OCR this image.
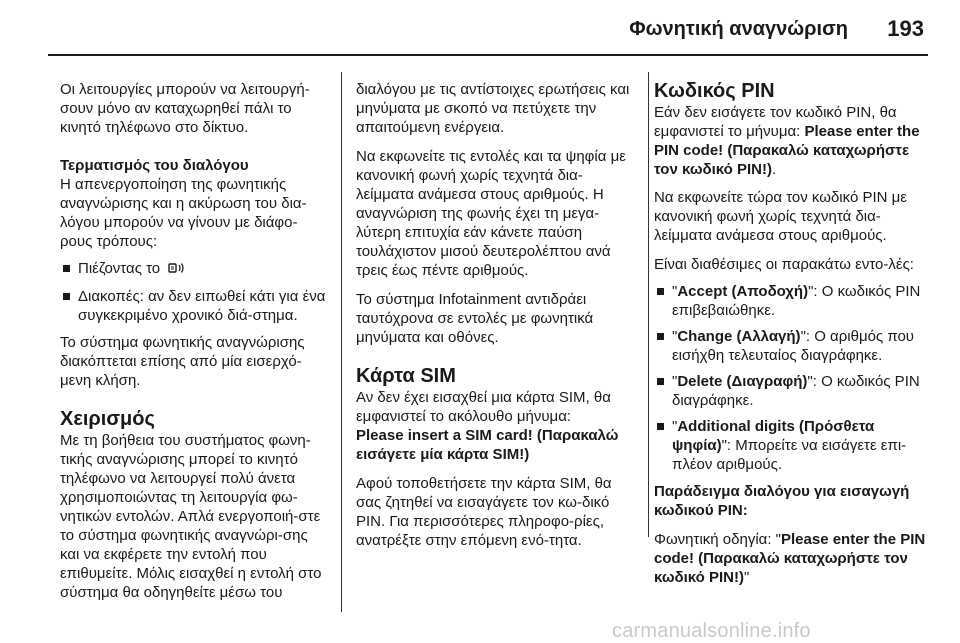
Φωνητική αναγνώριση 193

Οι λειτουργίες μπορούν να λειτουργή-σουν μόνο αν καταχωρηθεί πάλι το κινητό τηλέφωνο στο δίκτυο.

Τερματισμός του διαλόγου

Η απενεργοποίηση της φωνητικής αναγνώρισης και η ακύρωση του δια-λόγου μπορούν να γίνουν με διάφο-ρους τρόπους:

Πιέζοντας το
Διακοπές: αν δεν ειπωθεί κάτι για ένα συγκεκριμένο χρονικό διά-στημα.

Το σύστημα φωνητικής αναγνώρισης διακόπτεται επίσης από μία εισερχό-μενη κλήση.

Χειρισμός

Με τη βοήθεια του συστήματος φωνη-τικής αναγνώρισης μπορεί το κινητό τηλέφωνο να λειτουργεί πολύ άνετα χρησιμοποιώντας τη λειτουργία φω-νητικών εντολών. Απλά ενεργοποιή-στε το σύστημα φωνητικής αναγνώρι-σης και να εκφέρετε την εντολή που επιθυμείτε. Μόλις εισαχθεί η εντολή στο σύστημα θα οδηγηθείτε μέσω του

διαλόγου με τις αντίστοιχες ερωτήσεις και μηνύματα με σκοπό να πετύχετε την απαιτούμενη ενέργεια.

Να εκφωνείτε τις εντολές και τα ψηφία με κανονική φωνή χωρίς τεχνητά δια-λείμματα ανάμεσα στους αριθμούς. Η αναγνώριση της φωνής έχει τη μεγα-λύτερη επιτυχία εάν κάνετε παύση τουλάχιστον μισού δευτερολέπτου ανά τρεις έως πέντε αριθμούς.

Το σύστημα Infotainment αντιδράει ταυτόχρονα σε εντολές με φωνητικά μηνύματα και οθόνες.

Κάρτα SIM

Αν δεν έχει εισαχθεί μια κάρτα SIM, θα εμφανιστεί το ακόλουθο μήνυμα:

Please insert a SIM card! (Παρακαλώ εισάγετε μία κάρτα SIM!)

Αφού τοποθετήσετε την κάρτα SIM, θα σας ζητηθεί να εισαγάγετε τον κω-δικό PIN. Για περισσότερες πληροφο-ρίες, ανατρέξτε στην επόμενη ενό-τητα.

Κωδικός PIN

Εάν δεν εισάγετε τον κωδικό PIN, θα εμφανιστεί το μήνυμα: Please enter the PIN code! (Παρακαλώ καταχωρήστε τον κωδικό PIN!).

Να εκφωνείτε τώρα τον κωδικό PIN με κανονική φωνή χωρίς τεχνητά δια-λείμματα ανάμεσα στους αριθμούς.

Είναι διαθέσιμες οι παρακάτω εντο-λές:

"Accept (Αποδοχή)": Ο κωδικός PIN επιβεβαιώθηκε.
"Change (Αλλαγή)": Ο αριθμός που εισήχθη τελευταίος διαγράφηκε.
"Delete (Διαγραφή)": Ο κωδικός PIN διαγράφηκε.
"Additional digits (Πρόσθετα ψηφία)": Μπορείτε να εισάγετε επι-πλέον αριθμούς.

Παράδειγμα διαλόγου για εισαγωγή κωδικού PIN:

Φωνητική οδηγία: "Please enter the PIN code! (Παρακαλώ καταχωρήστε τον κωδικό PIN!)"

carmanualsonline.info
